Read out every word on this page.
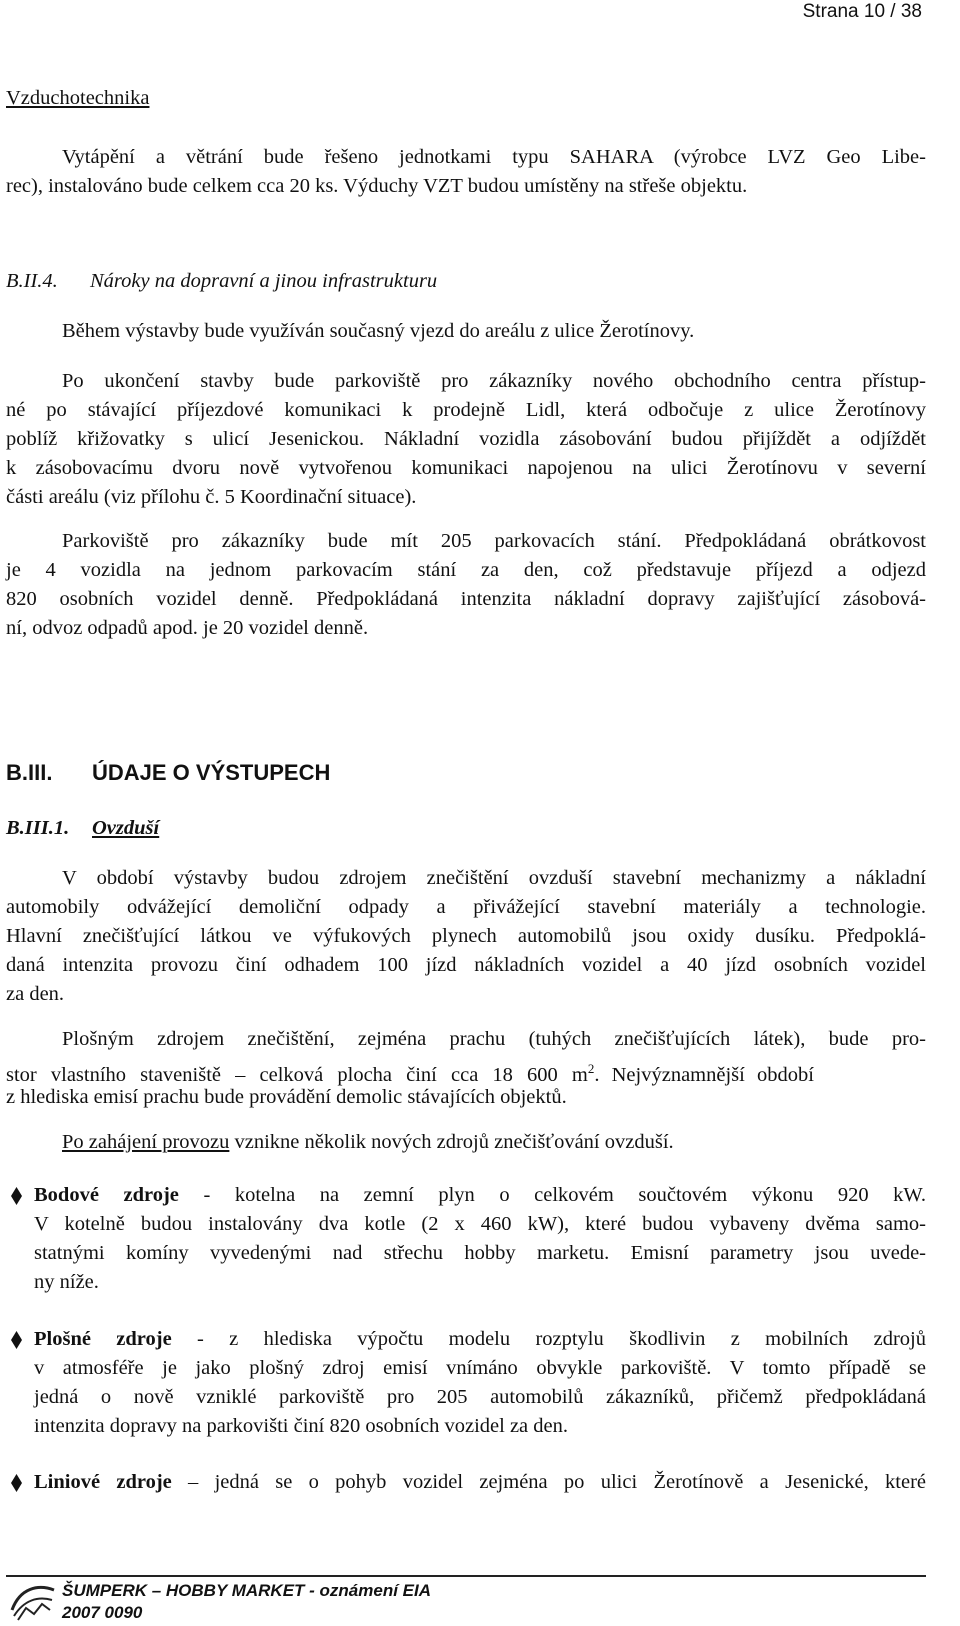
Strana 10 / 38
Vzduchotechnika
Vytápění a větrání bude řešeno jednotkami typu SAHARA (výrobce LVZ Geo Libe-
rec), instalováno bude celkem cca 20 ks. Výduchy VZT budou umístěny na střeše objektu.
B.II.4. Nároky na dopravní a jinou infrastrukturu
Během výstavby bude využíván současný vjezd do areálu z ulice Žerotínovy.
Po ukončení stavby bude parkoviště pro zákazníky nového obchodního centra přístup-
né po stávající příjezdové komunikaci k prodejně Lidl, která odbočuje z ulice Žerotínovy
poblíž křižovatky s ulicí Jesenickou. Nákladní vozidla zásobování budou přijíždět a odjíždět
k zásobovacímu dvoru nově vytvořenou komunikaci napojenou na ulici Žerotínovu v severní
části areálu (viz přílohu č. 5 Koordinační situace).
Parkoviště pro zákazníky bude mít 205 parkovacích stání. Předpokládaná obrátkovost
je 4 vozidla na jednom parkovacím stání za den, což představuje příjezd a odjezd
820 osobních vozidel denně. Předpokládaná intenzita nákladní dopravy zajišťující zásobová-
ní, odvoz odpadů apod. je 20 vozidel denně.
B.III. ÚDAJE O VÝSTUPECH
B.III.1. Ovzduší
V období výstavby budou zdrojem znečištění ovzduší stavební mechanizmy a nákladní
automobily odvážející demoliční odpady a přivážející stavební materiály a technologie.
Hlavní znečišťující látkou ve výfukových plynech automobilů jsou oxidy dusíku. Předpoklá-
daná intenzita provozu činí odhadem 100 jízd nákladních vozidel a 40 jízd osobních vozidel
za den.
Plošným zdrojem znečištění, zejména prachu (tuhých znečišťujících látek), bude pro-
stor vlastního staveniště – celková plocha činí cca 18 600 $m^2$. Nejvýznamnější období
z hlediska emisí prachu bude provádění demolic stávajících objektů.
Po zahájení provozu vznikne několik nových zdrojů znečišťování ovzduší.
Bodové zdroje - kotelna na zemní plyn o celkovém součtovém výkonu 920 kW.
V kotelně budou instalovány dva kotle (2 x 460 kW), které budou vybaveny dvěma samo-
statnými komíny vyvedenými nad střechu hobby marketu. Emisní parametry jsou uvede-
ny níže.
Plošné zdroje - z hlediska výpočtu modelu rozptylu škodlivin z mobilních zdrojů
v atmosféře je jako plošný zdroj emisí vnímáno obvykle parkoviště. V tomto případě se
jedná o nově vzniklé parkoviště pro 205 automobilů zákazníků, přičemž předpokládaná
intenzita dopravy na parkovišti činí 820 osobních vozidel za den.
Liniové zdroje – jedná se o pohyb vozidel zejména po ulici Žerotínově a Jesenické, které
ŠUMPERK – HOBBY MARKET - oznámení EIA
2007 0090
